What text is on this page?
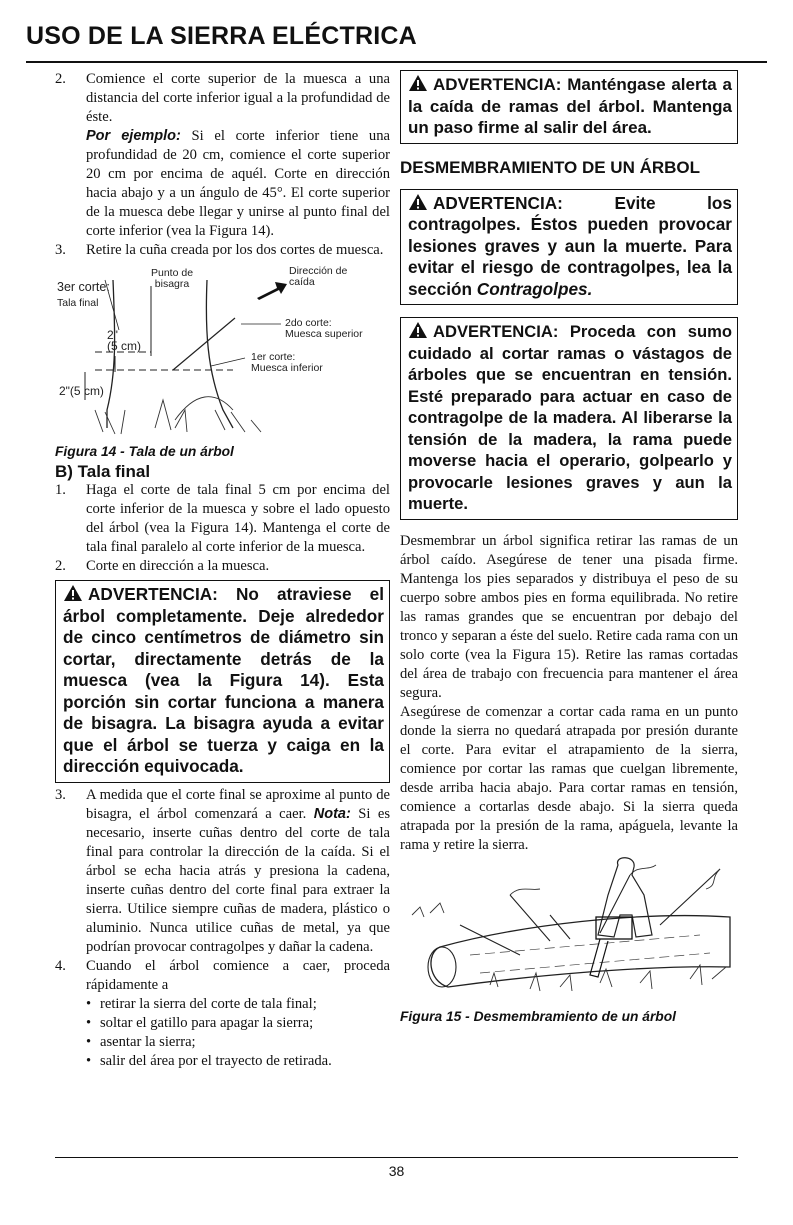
USO DE LA SIERRA ELÉCTRICA
2. Comience el corte superior de la muesca a una distancia del corte inferior igual a la profundidad de éste.
Por ejemplo: Si el corte inferior tiene una profundidad de 20 cm, comience el corte superior 20 cm por encima de aquél. Corte en dirección hacia abajo y a un ángulo de 45°. El corte superior de la muesca debe llegar y unirse al punto final del corte inferior (vea la Figura 14).
3. Retire la cuña creada por los dos cortes de muesca.
Punto de
bisagra
Dirección de
caída
3er corte:
Tala final
2"
(5 cm)
2do corte:
Muesca superior
1er corte:
Muesca inferior
2"(5 cm)
Figura 14 - Tala de un árbol
B) Tala final
1. Haga el corte de tala final 5 cm por encima del corte inferior de la muesca y sobre el lado opuesto del árbol (vea la Figura 14). Mantenga el corte de tala final paralelo al corte inferior de la muesca.
2. Corte en dirección a la muesca.
ADVERTENCIA: No atraviese el árbol completamente. Deje alrededor de cinco centímetros de diámetro sin cortar, directamente detrás de la muesca (vea la Figura 14). Esta porción sin cortar funciona a manera de bisagra. La bisagra ayuda a evitar que el árbol se tuerza y caiga en la dirección equivocada.
3. A medida que el corte final se aproxime al punto de bisagra, el árbol comenzará a caer. Nota: Si es necesario, inserte cuñas dentro del corte de tala final para controlar la dirección de la caída. Si el árbol se echa hacia atrás y presiona la cadena, inserte cuñas dentro del corte final para extraer la sierra. Utilice siempre cuñas de madera, plástico o aluminio. Nunca utilice cuñas de metal, ya que podrían provocar contragolpes y dañar la cadena.
4. Cuando el árbol comience a caer, proceda rápidamente a
• retirar la sierra del corte de tala final;
• soltar el gatillo para apagar la sierra;
• asentar la sierra;
• salir del área por el trayecto de retirada.
ADVERTENCIA: Manténgase alerta a la caída de ramas del árbol. Mantenga un paso firme al salir del área.
DESMEMBRAMIENTO DE UN ÁRBOL
ADVERTENCIA: Evite los contragolpes. Éstos pueden provocar lesiones graves y aun la muerte. Para evitar el riesgo de contragolpes, lea la sección Contragolpes.
ADVERTENCIA: Proceda con sumo cuidado al cortar ramas o vástagos de árboles que se encuentran en tensión. Esté preparado para actuar en caso de contragolpe de la madera. Al liberarse la tensión de la madera, la rama puede moverse hacia el operario, golpearlo y provocarle lesiones graves y aun la muerte.
Desmembrar un árbol significa retirar las ramas de un árbol caído. Asegúrese de tener una pisada firme. Mantenga los pies separados y distribuya el peso de su cuerpo sobre ambos pies en forma equilibrada. No retire las ramas grandes que se encuentran por debajo del tronco y separan a éste del suelo. Retire cada rama con un solo corte (vea la Figura 15). Retire las ramas cortadas del área de trabajo con frecuencia para mantener el área segura.
Asegúrese de comenzar a cortar cada rama en un punto donde la sierra no quedará atrapada por presión durante el corte. Para evitar el atrapamiento de la sierra, comience por cortar las ramas que cuelgan libremente, desde arriba hacia abajo. Para cortar ramas en tensión, comience a cortarlas desde abajo. Si la sierra queda atrapada por la presión de la rama, apáguela, levante la rama y retire la sierra.
Figura 15 - Desmembramiento de un árbol
38
